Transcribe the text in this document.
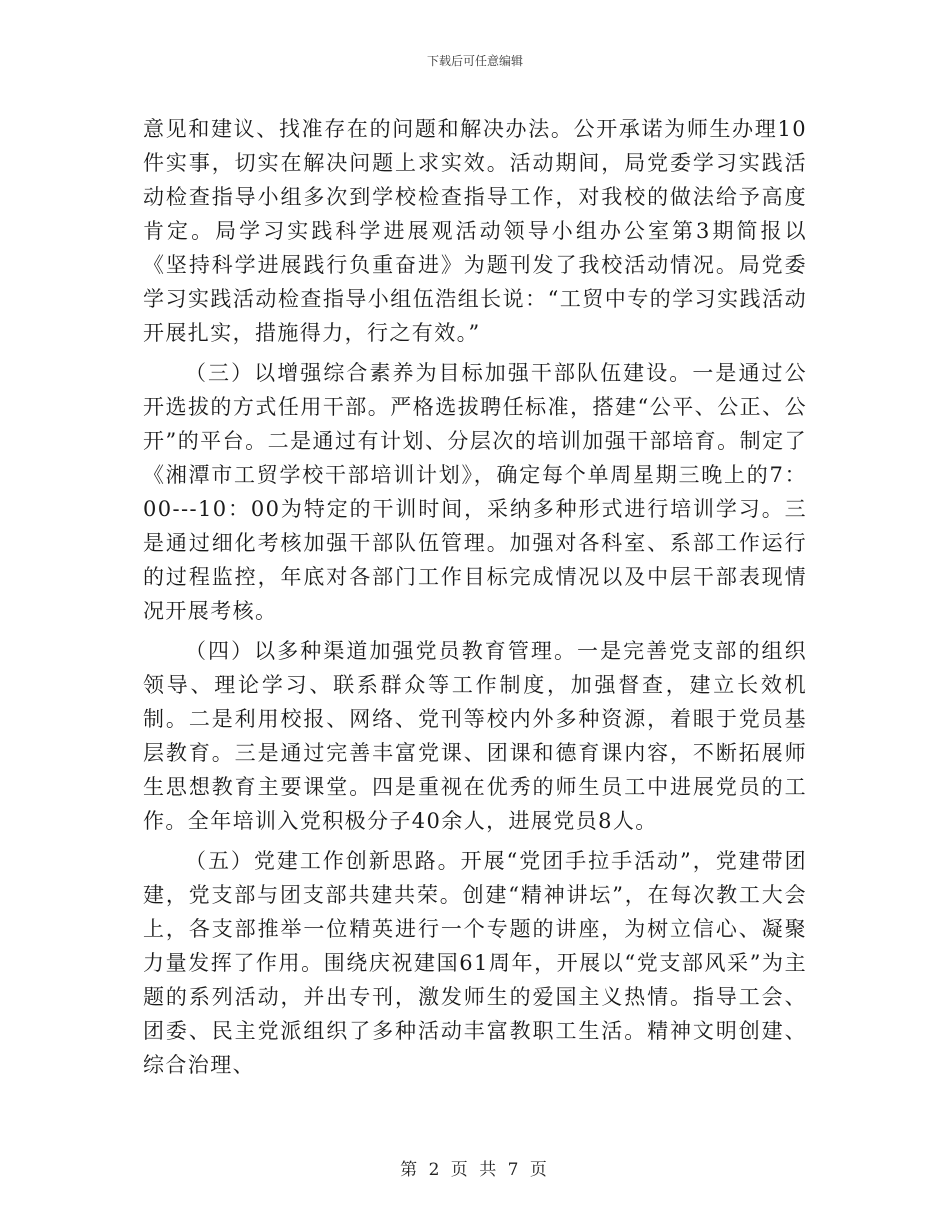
下载后可任意编辑

意见和建议、找准存在的问题和解决办法。公开承诺为师生办理10件实事，切实在解决问题上求实效。活动期间，局党委学习实践活动检查指导小组多次到学校检查指导工作，对我校的做法给予高度肯定。局学习实践科学进展观活动领导小组办公室第3期简报以《坚持科学进展践行负重奋进》为题刊发了我校活动情况。局党委学习实践活动检查指导小组伍浩组长说：“工贸中专的学习实践活动开展扎实，措施得力，行之有效。”

（三）以增强综合素养为目标加强干部队伍建设。一是通过公开选拔的方式任用干部。严格选拔聘任标准，搭建“公平、公正、公开”的平台。二是通过有计划、分层次的培训加强干部培育。制定了《湘潭市工贸学校干部培训计划》，确定每个单周星期三晚上的7：00---10：00为特定的干训时间，采纳多种形式进行培训学习。三是通过细化考核加强干部队伍管理。加强对各科室、系部工作运行的过程监控，年底对各部门工作目标完成情况以及中层干部表现情况开展考核。

（四）以多种渠道加强党员教育管理。一是完善党支部的组织领导、理论学习、联系群众等工作制度，加强督查，建立长效机制。二是利用校报、网络、党刊等校内外多种资源，着眼于党员基层教育。三是通过完善丰富党课、团课和德育课内容，不断拓展师生思想教育主要课堂。四是重视在优秀的师生员工中进展党员的工作。全年培训入党积极分子40余人，进展党员8人。

（五）党建工作创新思路。开展“党团手拉手活动”，党建带团建，党支部与团支部共建共荣。创建“精神讲坛”，在每次教工大会上，各支部推举一位精英进行一个专题的讲座，为树立信心、凝聚力量发挥了作用。围绕庆祝建国61周年，开展以“党支部风采”为主题的系列活动，并出专刊，激发师生的爱国主义热情。指导工会、团委、民主党派组织了多种活动丰富教职工生活。精神文明创建、综合治理、

第 2 页 共 7 页
